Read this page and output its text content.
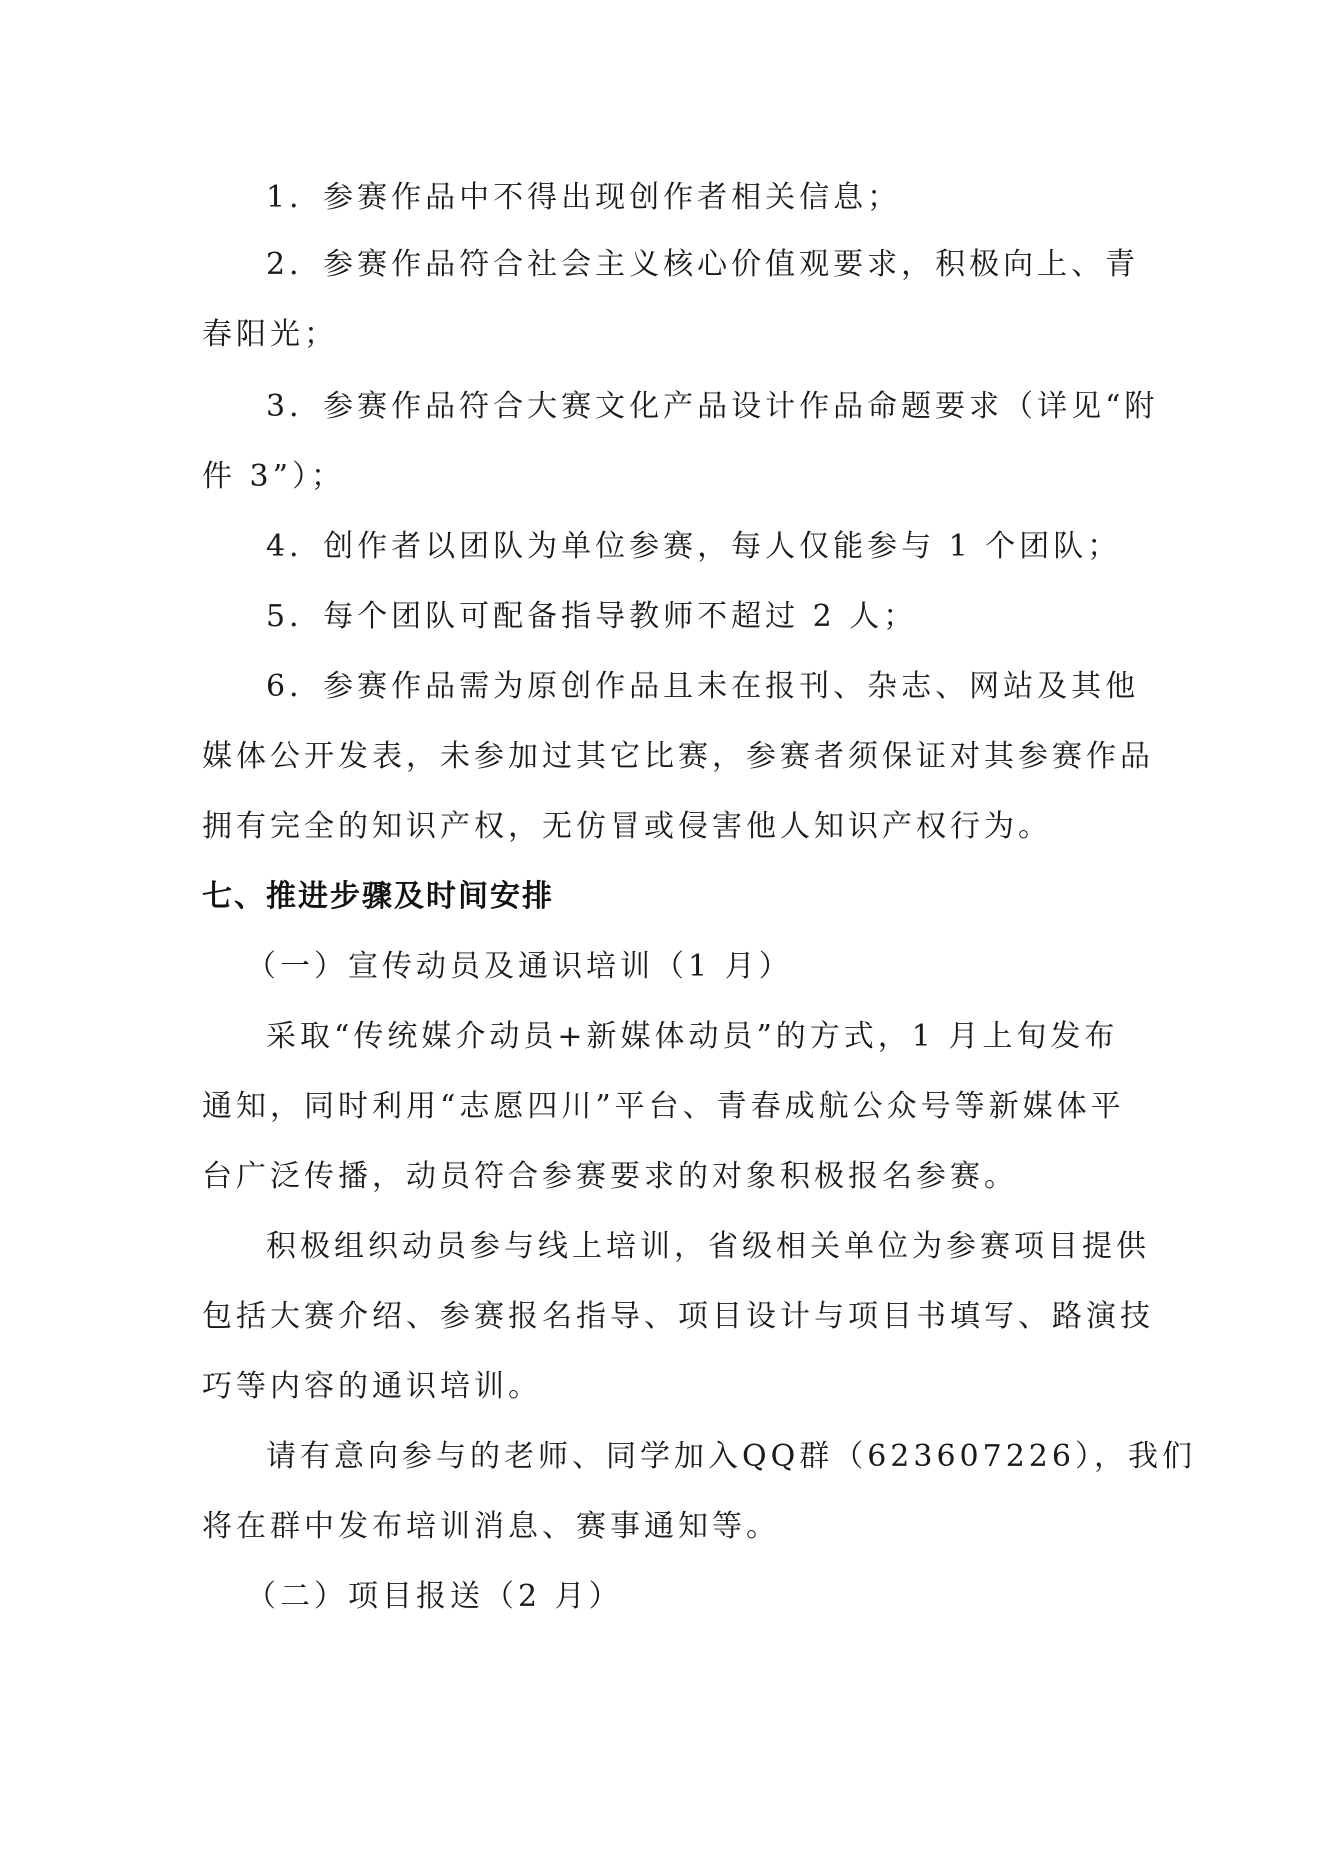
1．参赛作品中不得出现创作者相关信息；
2．参赛作品符合社会主义核心价值观要求，积极向上、青
春阳光；
3．参赛作品符合大赛文化产品设计作品命题要求（详见“附
件 3”）；
4．创作者以团队为单位参赛，每人仅能参与 1 个团队；
5．每个团队可配备指导教师不超过 2 人；
6．参赛作品需为原创作品且未在报刊、杂志、网站及其他
媒体公开发表，未参加过其它比赛，参赛者须保证对其参赛作品
拥有完全的知识产权，无仿冒或侵害他人知识产权行为。
七、推进步骤及时间安排
（一）宣传动员及通识培训（1 月）
采取“传统媒介动员+新媒体动员”的方式，1 月上旬发布
通知，同时利用“志愿四川”平台、青春成航公众号等新媒体平
台广泛传播，动员符合参赛要求的对象积极报名参赛。
积极组织动员参与线上培训，省级相关单位为参赛项目提供
包括大赛介绍、参赛报名指导、项目设计与项目书填写、路演技
巧等内容的通识培训。
请有意向参与的老师、同学加入QQ群（623607226），我们
将在群中发布培训消息、赛事通知等。
（二）项目报送（2 月）
